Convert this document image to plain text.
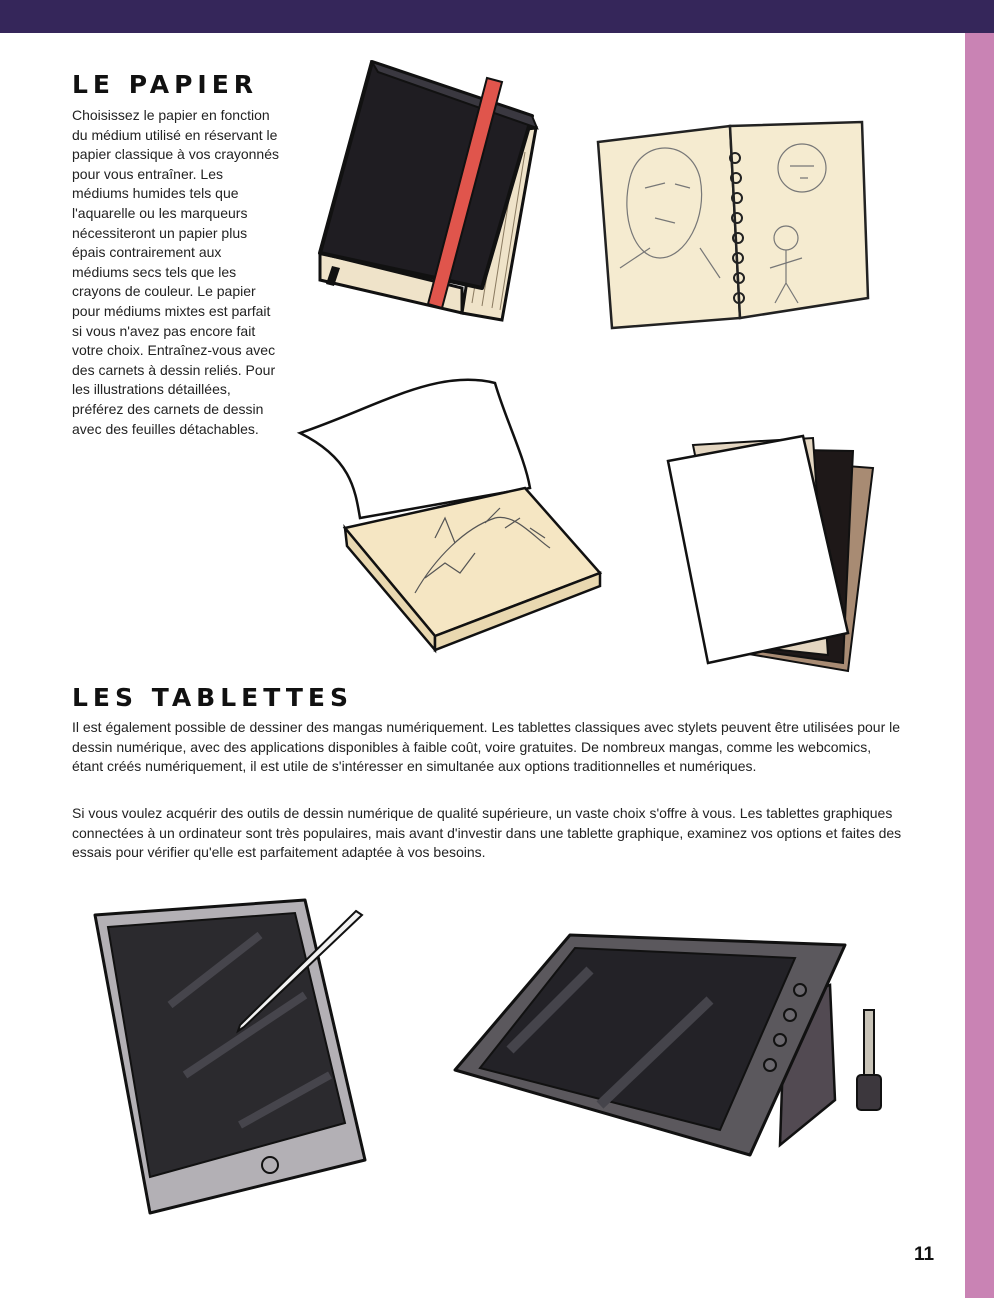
LE PAPIER

Choisissez le papier en fonction du médium utilisé en réservant le papier classique à vos crayonnés pour vous entraîner. Les médiums humides tels que l'aquarelle ou les marqueurs nécessiteront un papier plus épais contrairement aux médiums secs tels que les crayons de couleur. Le papier pour médiums mixtes est parfait si vous n'avez pas encore fait votre choix. Entraînez-vous avec des carnets à dessin reliés. Pour les illustrations détaillées, préférez des carnets de dessin avec des feuilles détachables.

LES TABLETTES

Il est également possible de dessiner des mangas numériquement. Les tablettes classiques avec stylets peuvent être utilisées pour le dessin numérique, avec des applications disponibles à faible coût, voire gratuites. De nombreux mangas, comme les webcomics, étant créés numériquement, il est utile de s'intéresser en simultanée aux options traditionnelles et numériques.

Si vous voulez acquérir des outils de dessin numérique de qualité supérieure, un vaste choix s'offre à vous. Les tablettes graphiques connectées à un ordinateur sont très populaires, mais avant d'investir dans une tablette graphique, examinez vos options et faites des essais pour vérifier qu'elle est parfaitement adaptée à vos besoins.

11
